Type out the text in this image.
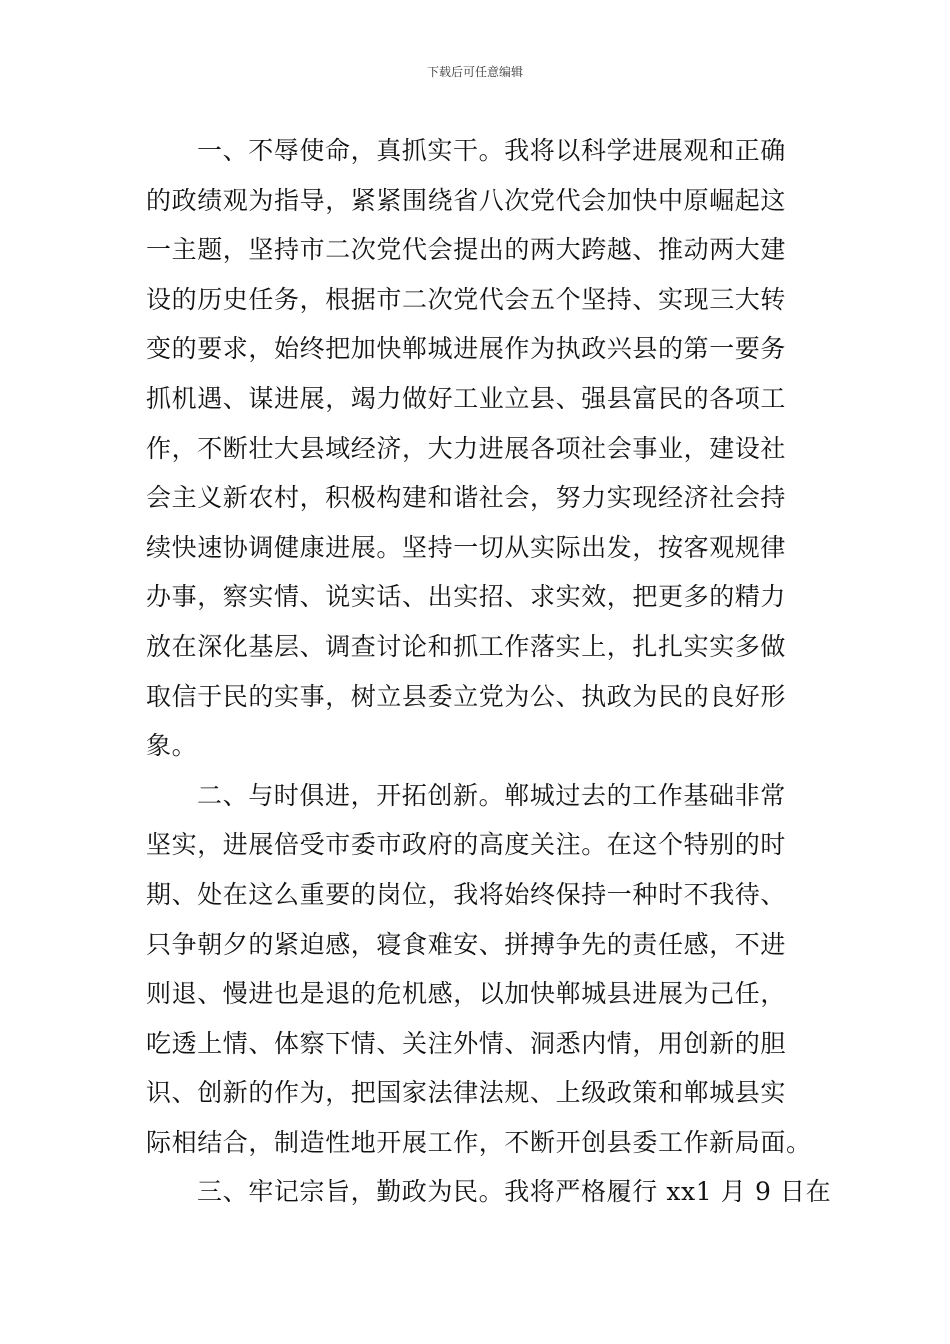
下载后可任意编辑
一、不辱使命，真抓实干。我将以科学进展观和正确
的政绩观为指导，紧紧围绕省八次党代会加快中原崛起这
一主题，坚持市二次党代会提出的两大跨越、推动两大建
设的历史任务，根据市二次党代会五个坚持、实现三大转
变的要求，始终把加快郸城进展作为执政兴县的第一要务
抓机遇、谋进展，竭力做好工业立县、强县富民的各项工
作，不断壮大县域经济，大力进展各项社会事业，建设社
会主义新农村，积极构建和谐社会，努力实现经济社会持
续快速协调健康进展。坚持一切从实际出发，按客观规律
办事，察实情、说实话、出实招、求实效，把更多的精力
放在深化基层、调查讨论和抓工作落实上，扎扎实实多做
取信于民的实事，树立县委立党为公、执政为民的良好形
象。
二、与时俱进，开拓创新。郸城过去的工作基础非常
坚实，进展倍受市委市政府的高度关注。在这个特别的时
期、处在这么重要的岗位，我将始终保持一种时不我待、
只争朝夕的紧迫感，寝食难安、拼搏争先的责任感，不进
则退、慢进也是退的危机感，以加快郸城县进展为己任，
吃透上情、体察下情、关注外情、洞悉内情，用创新的胆
识、创新的作为，把国家法律法规、上级政策和郸城县实
际相结合，制造性地开展工作，不断开创县委工作新局面。
三、牢记宗旨，勤政为民。我将严格履行 xx1 月 9 日在
